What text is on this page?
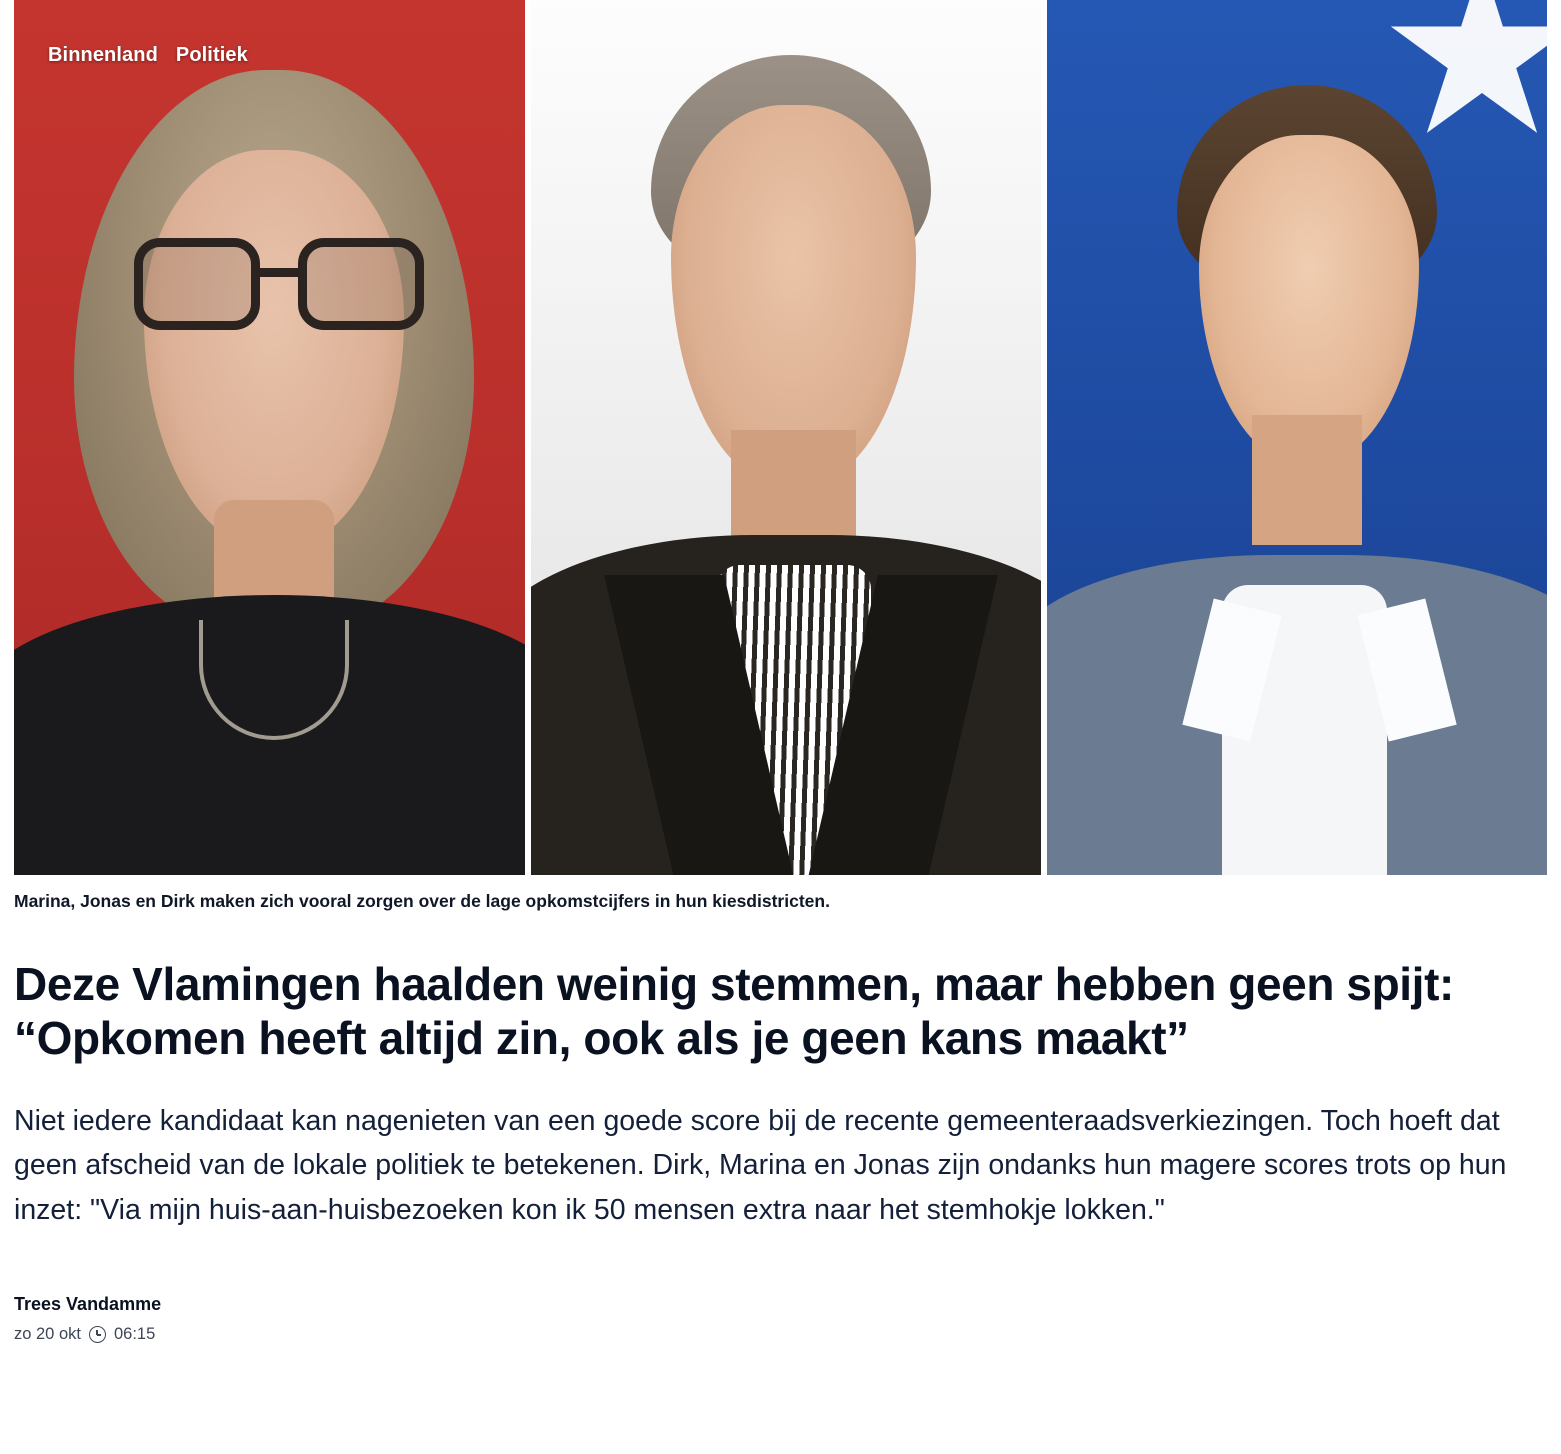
Binnenland Politiek
Marina, Jonas en Dirk maken zich vooral zorgen over de lage opkomstcijfers in hun kiesdistricten.
Deze Vlamingen haalden weinig stemmen, maar hebben geen spijt: “Opkomen heeft altijd zin, ook als je geen kans maakt”

Niet iedere kandidaat kan nagenieten van een goede score bij de recente gemeenteraadsverkiezingen. Toch hoeft dat geen afscheid van de lokale politiek te betekenen. Dirk, Marina en Jonas zijn ondanks hun magere scores trots op hun inzet: "Via mijn huis-aan-huisbezoeken kon ik 50 mensen extra naar het stemhokje lokken."

Trees Vandamme
zo 20 okt 06:15
